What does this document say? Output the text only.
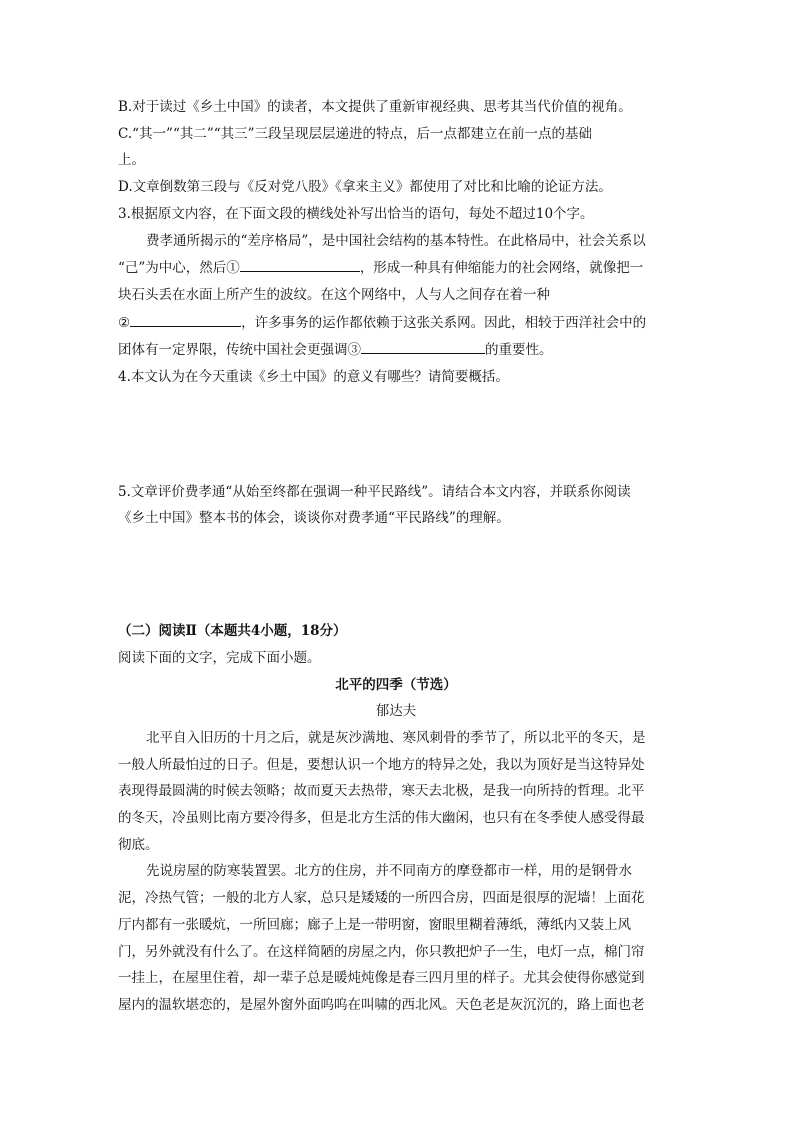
B.对于读过《乡土中国》的读者，本文提供了重新审视经典、思考其当代价值的视角。
C.“其一”“其二”“其三”三段呈现层层递进的特点，后一点都建立在前一点的基础
上。
D.文章倒数第三段与《反对党八股》《拿来主义》都使用了对比和比喻的论证方法。
3.根据原文内容，在下面文段的横线处补写出恰当的语句，每处不超过10个字。
费孝通所揭示的“差序格局”，是中国社会结构的基本特性。在此格局中，社会关系以
“己”为中心，然后①	，形成一种具有伸缩能力的社会网络，就像把一
块石头丢在水面上所产生的波纹。在这个网络中，人与人之间存在着一种
②	，许多事务的运作都依赖于这张关系网。因此，相较于西洋社会中的
团体有一定界限，传统中国社会更强调③	的重要性。
4.本文认为在今天重读《乡土中国》的意义有哪些？请简要概括。
5.文章评价费孝通“从始至终都在强调一种平民路线”。请结合本文内容，并联系你阅读
《乡土中国》整本书的体会，谈谈你对费孝通“平民路线”的理解。
（二）阅读Ⅱ（本题共4小题，18分）
阅读下面的文字，完成下面小题。
北平的四季（节选）
郁达夫
北平自入旧历的十月之后，就是灰沙满地、寒风刺骨的季节了，所以北平的冬天，是
一般人所最怕过的日子。但是，要想认识一个地方的特异之处，我以为顶好是当这特异处
表现得最圆满的时候去领略；故而夏天去热带，寒天去北极，是我一向所持的哲理。北平
的冬天，冷虽则比南方要冷得多，但是北方生活的伟大幽闲，也只有在冬季使人感受得最
彻底。
先说房屋的防寒装置罢。北方的住房，并不同南方的摩登都市一样，用的是钢骨水
泥，冷热气管；一般的北方人家，总只是矮矮的一所四合房，四面是很厚的泥墙！上面花
厅内都有一张暖炕，一所回廊；廊子上是一带明窗，窗眼里糊着薄纸，薄纸内又装上风
门，另外就没有什么了。在这样简陋的房屋之内，你只教把炉子一生，电灯一点，棉门帘
一挂上，在屋里住着，却一辈子总是暖炖炖像是春三四月里的样子。尤其会使得你感觉到
屋内的温软堪恋的，是屋外窗外面呜呜在叫啸的西北风。天色老是灰沉沉的，路上面也老
